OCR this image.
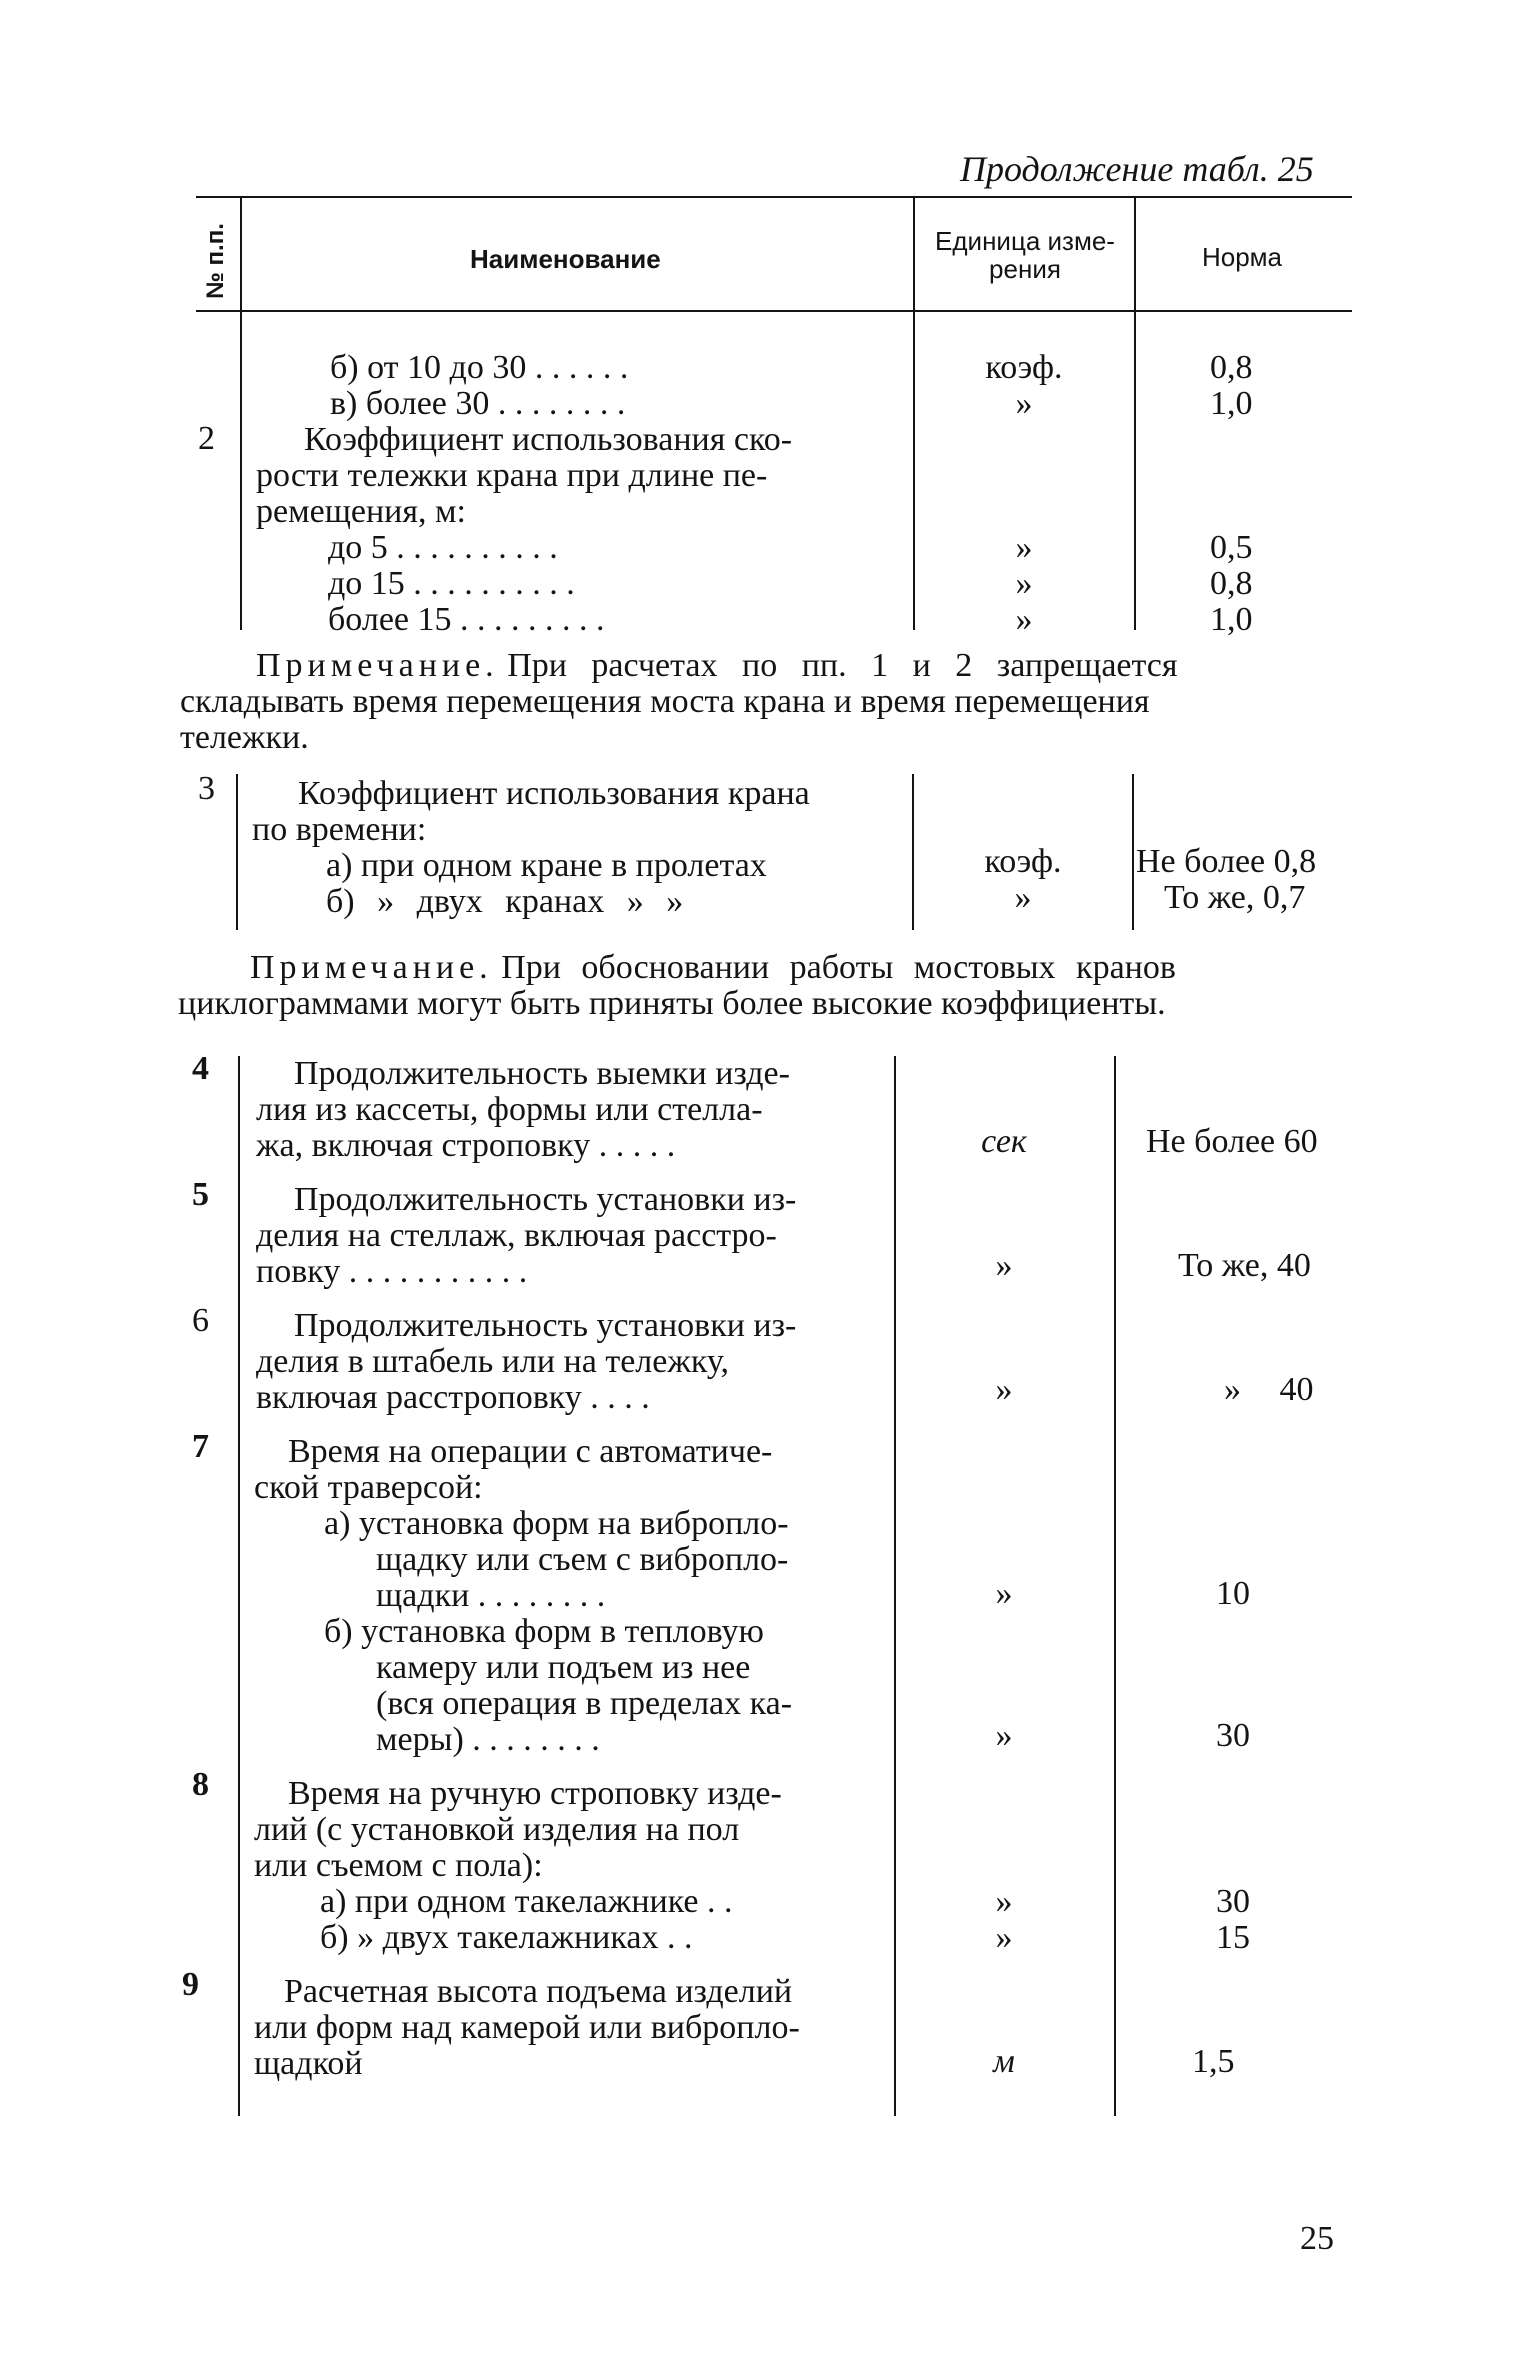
Продолжение табл. 25
№ п.п.	Наименование
Единица изме-
рения	Норма
2
б) от 10 до 30 . . . . . .
в) более 30 . . . . . . . .
Коэффициент использования ско-
рости тележки крана при длине пе-
ремещения, м:
до 5 . . . . . . . . . .
до 15 . . . . . . . . . .
более 15 . . . . . . . . .
коэф.
»
»
»
»
0,8
1,0
0,5
0,8
1,0
Примечание. При расчетах по пп. 1 и 2 запрещается
складывать время перемещения моста крана и время перемещения
тележки.
3 Коэффициент использования крана
по времени:
а) при одном кране в пролетах
б) » двух кранах » »
коэф.
»
Не более 0,8
То же, 0,7
Примечание. При обосновании работы мостовых кранов
циклограммами могут быть приняты более высокие коэффициенты.
4
5
6
7
8
9
Продолжительность выемки изде-
лия из кассеты, формы или стелла-
жа, включая строповку . . . . .
Продолжительность установки из-
делия на стеллаж, включая расстро-
повку . . . . . . . . . . .
Продолжительность установки из-
делия в штабель или на тележку,
включая расстроповку . . . .
Время на операции с автоматиче-
ской траверсой:
а) установка форм на вибропло-
щадку или съем с вибропло-
щадки . . . . . . . .
б) установка форм в тепловую
камеру или подъем из нее
(вся операция в пределах ка-
меры) . . . . . . . .
Время на ручную строповку изде-
лий (с установкой изделия на пол
или съемом с пола):
а) при одном такелажнике . .
б) » двух такелажниках . .
Расчетная высота подъема изделий
или форм над камерой или вибропло-
щадкой
сек
»
»
»
»
»
»
м
Не более 60
То же, 40
» 40
10
30
30
15
1,5
25
